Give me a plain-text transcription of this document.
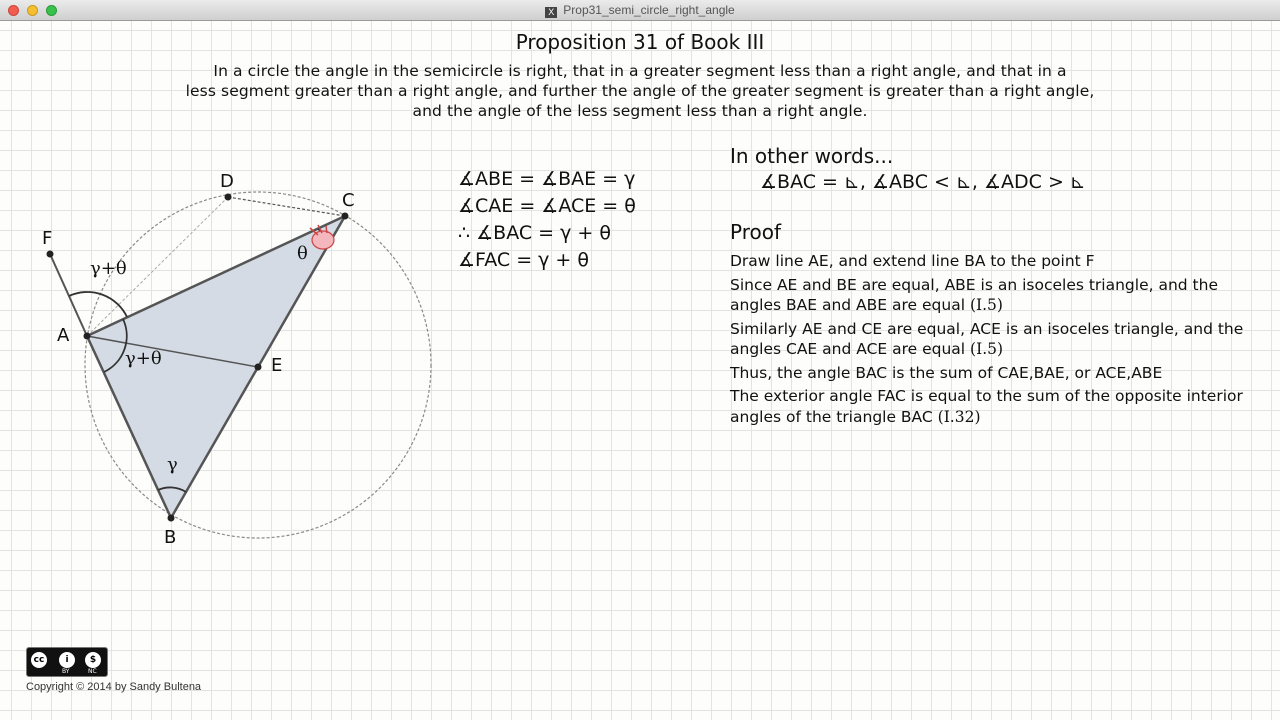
X Prop31_semi_circle_right_angle
Proposition 31 of Book III
In a circle the angle in the semicircle is right, that in a greater segment less than a right angle, and that in a
less segment greater than a right angle, and further the angle of the greater segment is greater than a right angle,
and the angle of the less segment less than a right angle.
A
B
C
D
E
F
γ+θ
γ+θ
θ
γ
∡ABE = ∡BAE = γ
∡CAE = ∡ACE = θ
∴ ∡BAC = γ + θ
∡FAC = γ + θ
In other words...
∡BAC = ⊾, ∡ABC < ⊾, ∡ADC > ⊾
Proof

Draw line AE, and extend line BA to the point F

Since AE and BE are equal, ABE is an isoceles triangle, and the angles BAE and ABE are equal (I.5)

Similarly AE and CE are equal, ACE is an isoceles triangle, and the angles CAE and ACE are equal (I.5)

Thus, the angle BAC is the sum of CAE,BAE, or ACE,ABE

The exterior angle FAC is equal to the sum of the opposite interior angles of the triangle BAC (I.32)

cc	i	$
BY	NC
Copyright © 2014 by Sandy Bultena
